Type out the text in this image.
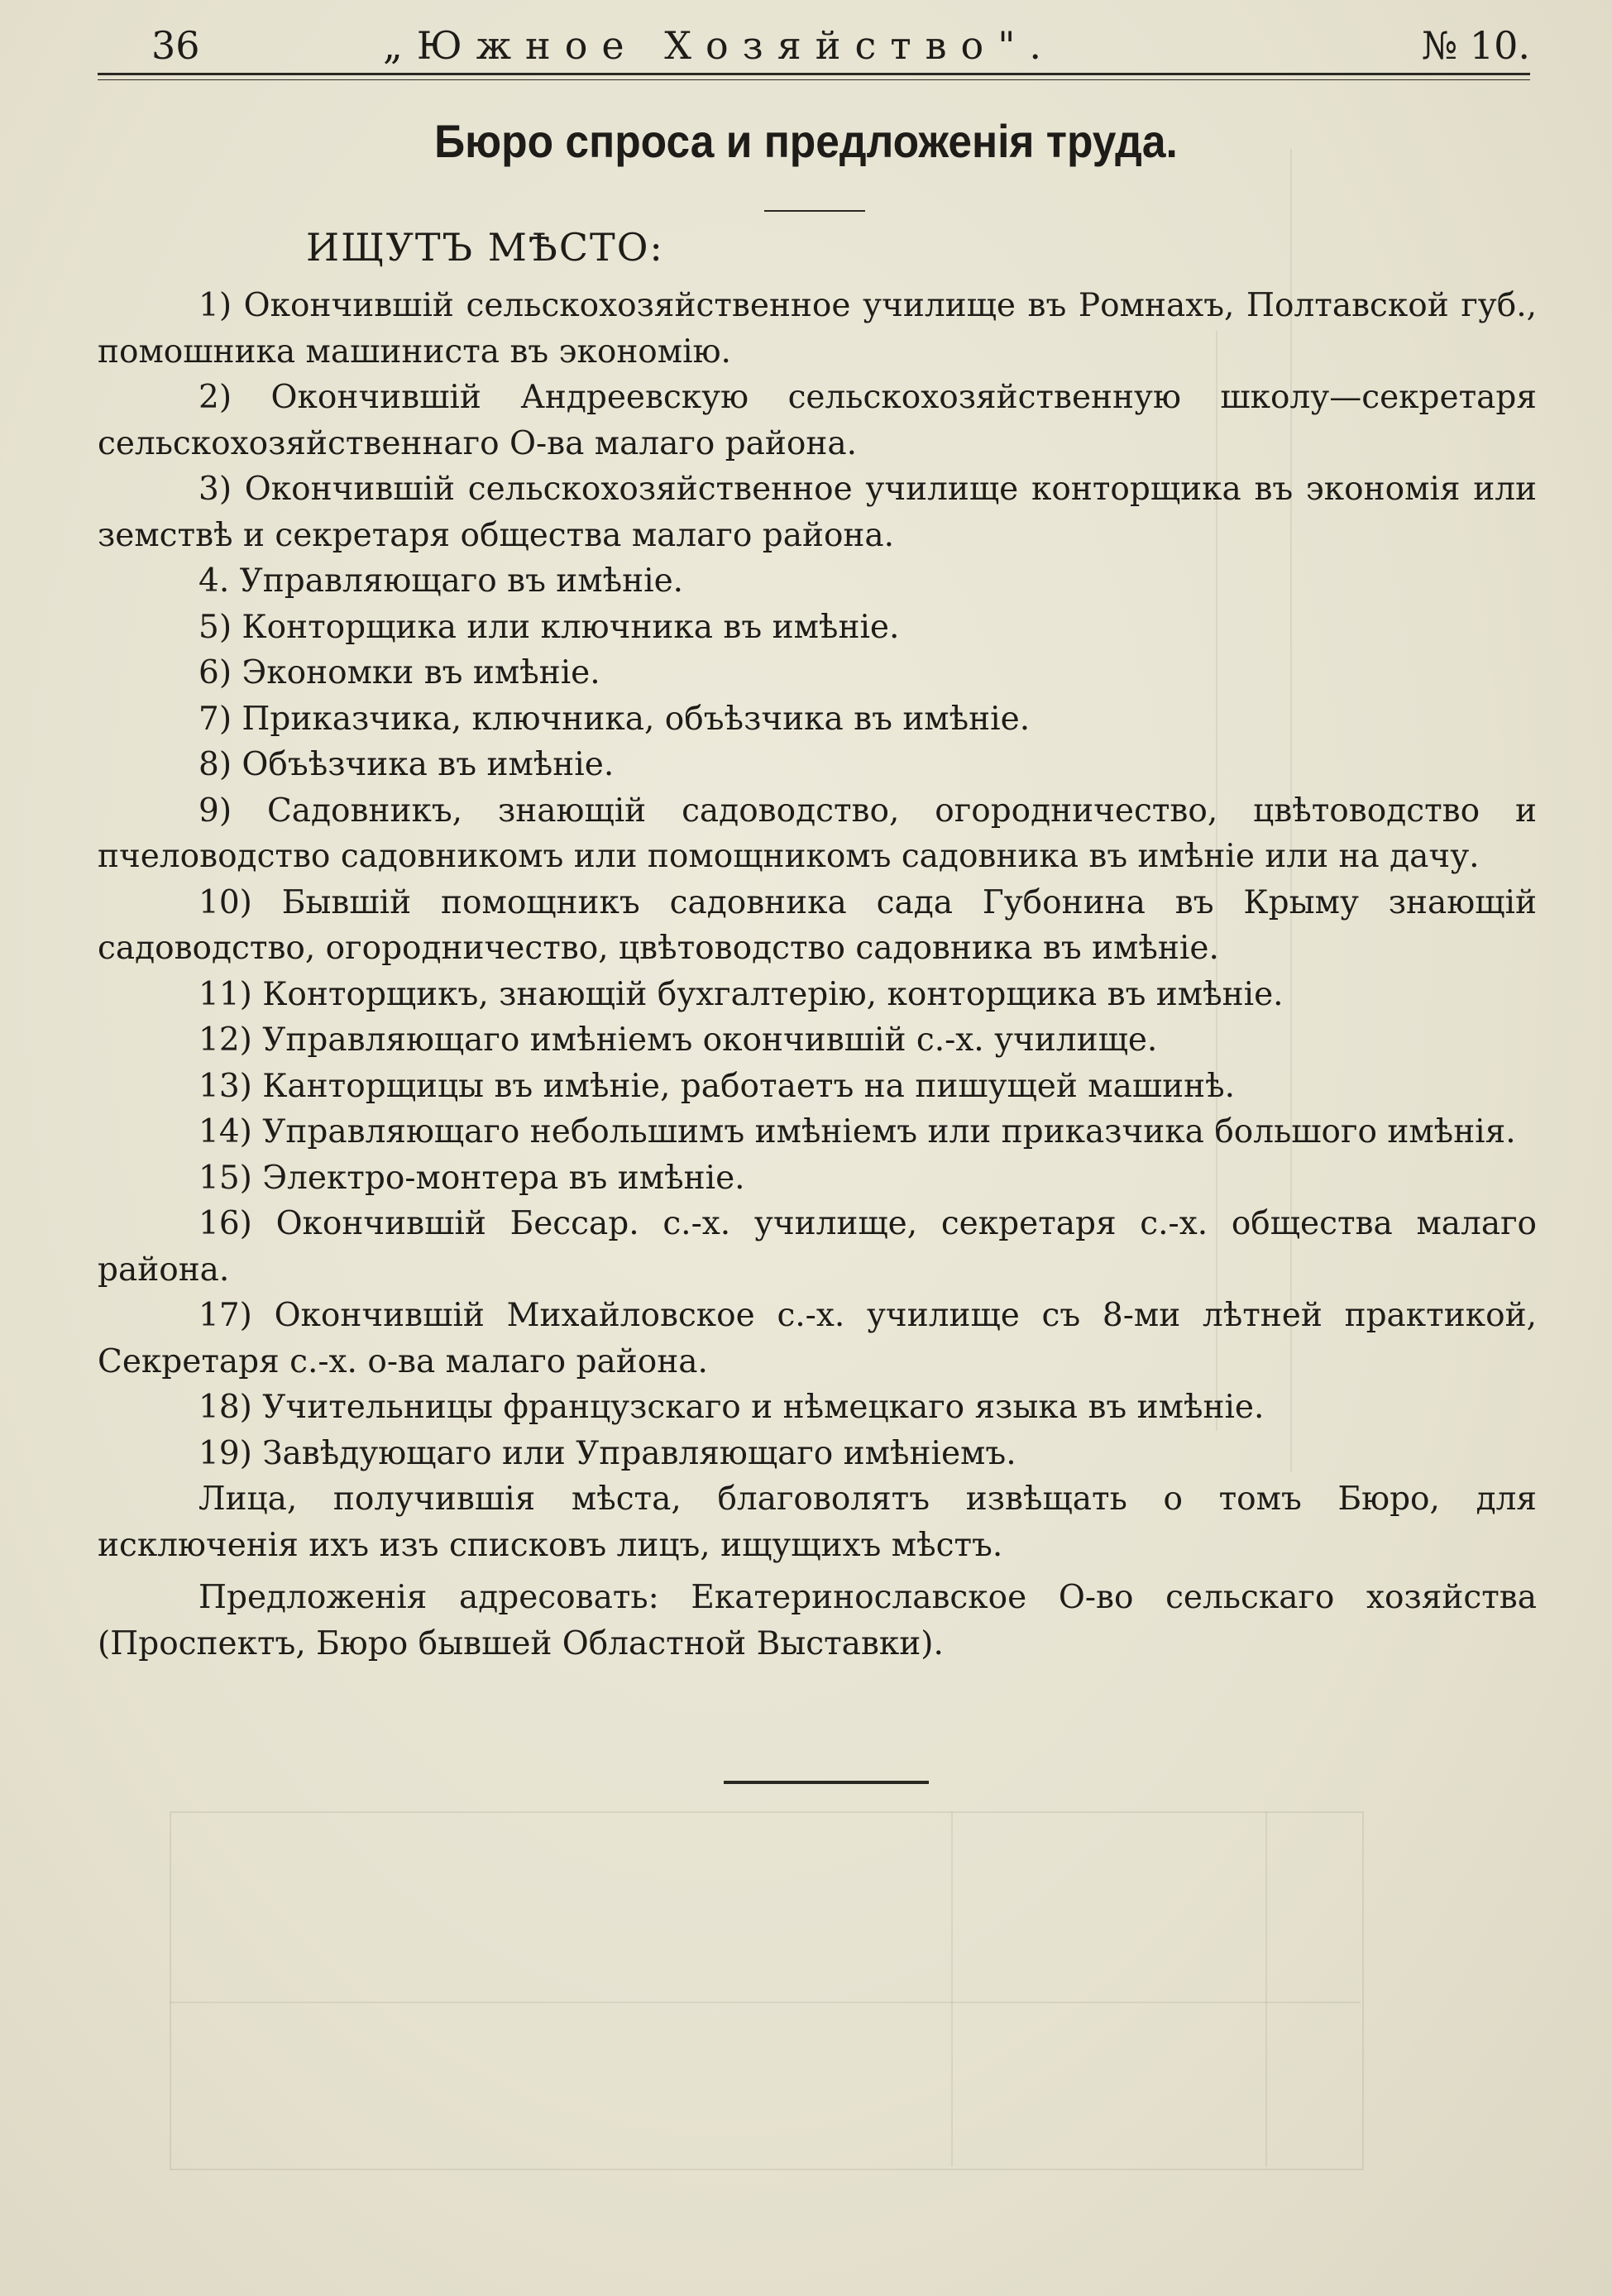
36	„Южное Хозяйство".	№ 10.
Бюро спроса и предложенія труда.
ИЩУТЪ МѢСТО:

1) Окончившій сельскохозяйственное училище въ Ромнахъ, Полтавской губ., помошника машиниста въ экономію.

2) Окончившій Андреевскую сельскохозяйственную школу—секретаря сельскохозяйственнаго О-ва малаго района.

3) Окончившій сельскохозяйственное училище конторщика въ экономія или земствѣ и секретаря общества малаго района.

4. Управляющаго въ имѣніе.

5) Конторщика или ключника въ имѣніе.

6) Экономки въ имѣніе.

7) Приказчика, ключника, объѣзчика въ имѣніе.

8) Объѣзчика въ имѣніе.

9) Садовникъ, знающій садоводство, огородничество, цвѣтоводство и пчеловодство садовникомъ или помощникомъ садовника въ имѣніе или на дачу.

10) Бывшій помощникъ садовника сада Губонина въ Крыму знающій садоводство, огородничество, цвѣтоводство садовника въ имѣніе.

11) Конторщикъ, знающій бухгалтерію, конторщика въ имѣніе.

12) Управляющаго имѣніемъ окончившій с.-х. училище.

13) Канторщицы въ имѣніе, работаетъ на пишущей машинѣ.

14) Управляющаго небольшимъ имѣніемъ или приказчика большого имѣнія.

15) Электро-монтера въ имѣніе.

16) Окончившій Бессар. с.-х. училище, секретаря с.-х. общества малаго района.

17) Окончившій Михайловское с.-х. училище съ 8-ми лѣтней практикой, Секретаря с.-х. о-ва малаго района.

18) Учительницы французскаго и нѣмецкаго языка въ имѣніе.

19) Завѣдующаго или Управляющаго имѣніемъ.

Лица, получившія мѣста, благоволятъ извѣщать о томъ Бюро, для исключенія ихъ изъ списковъ лицъ, ищущихъ мѣстъ.

Предложенія адресовать: Екатеринославское О-во сельскаго хозяйства (Проспектъ, Бюро бывшей Областной Выставки).
